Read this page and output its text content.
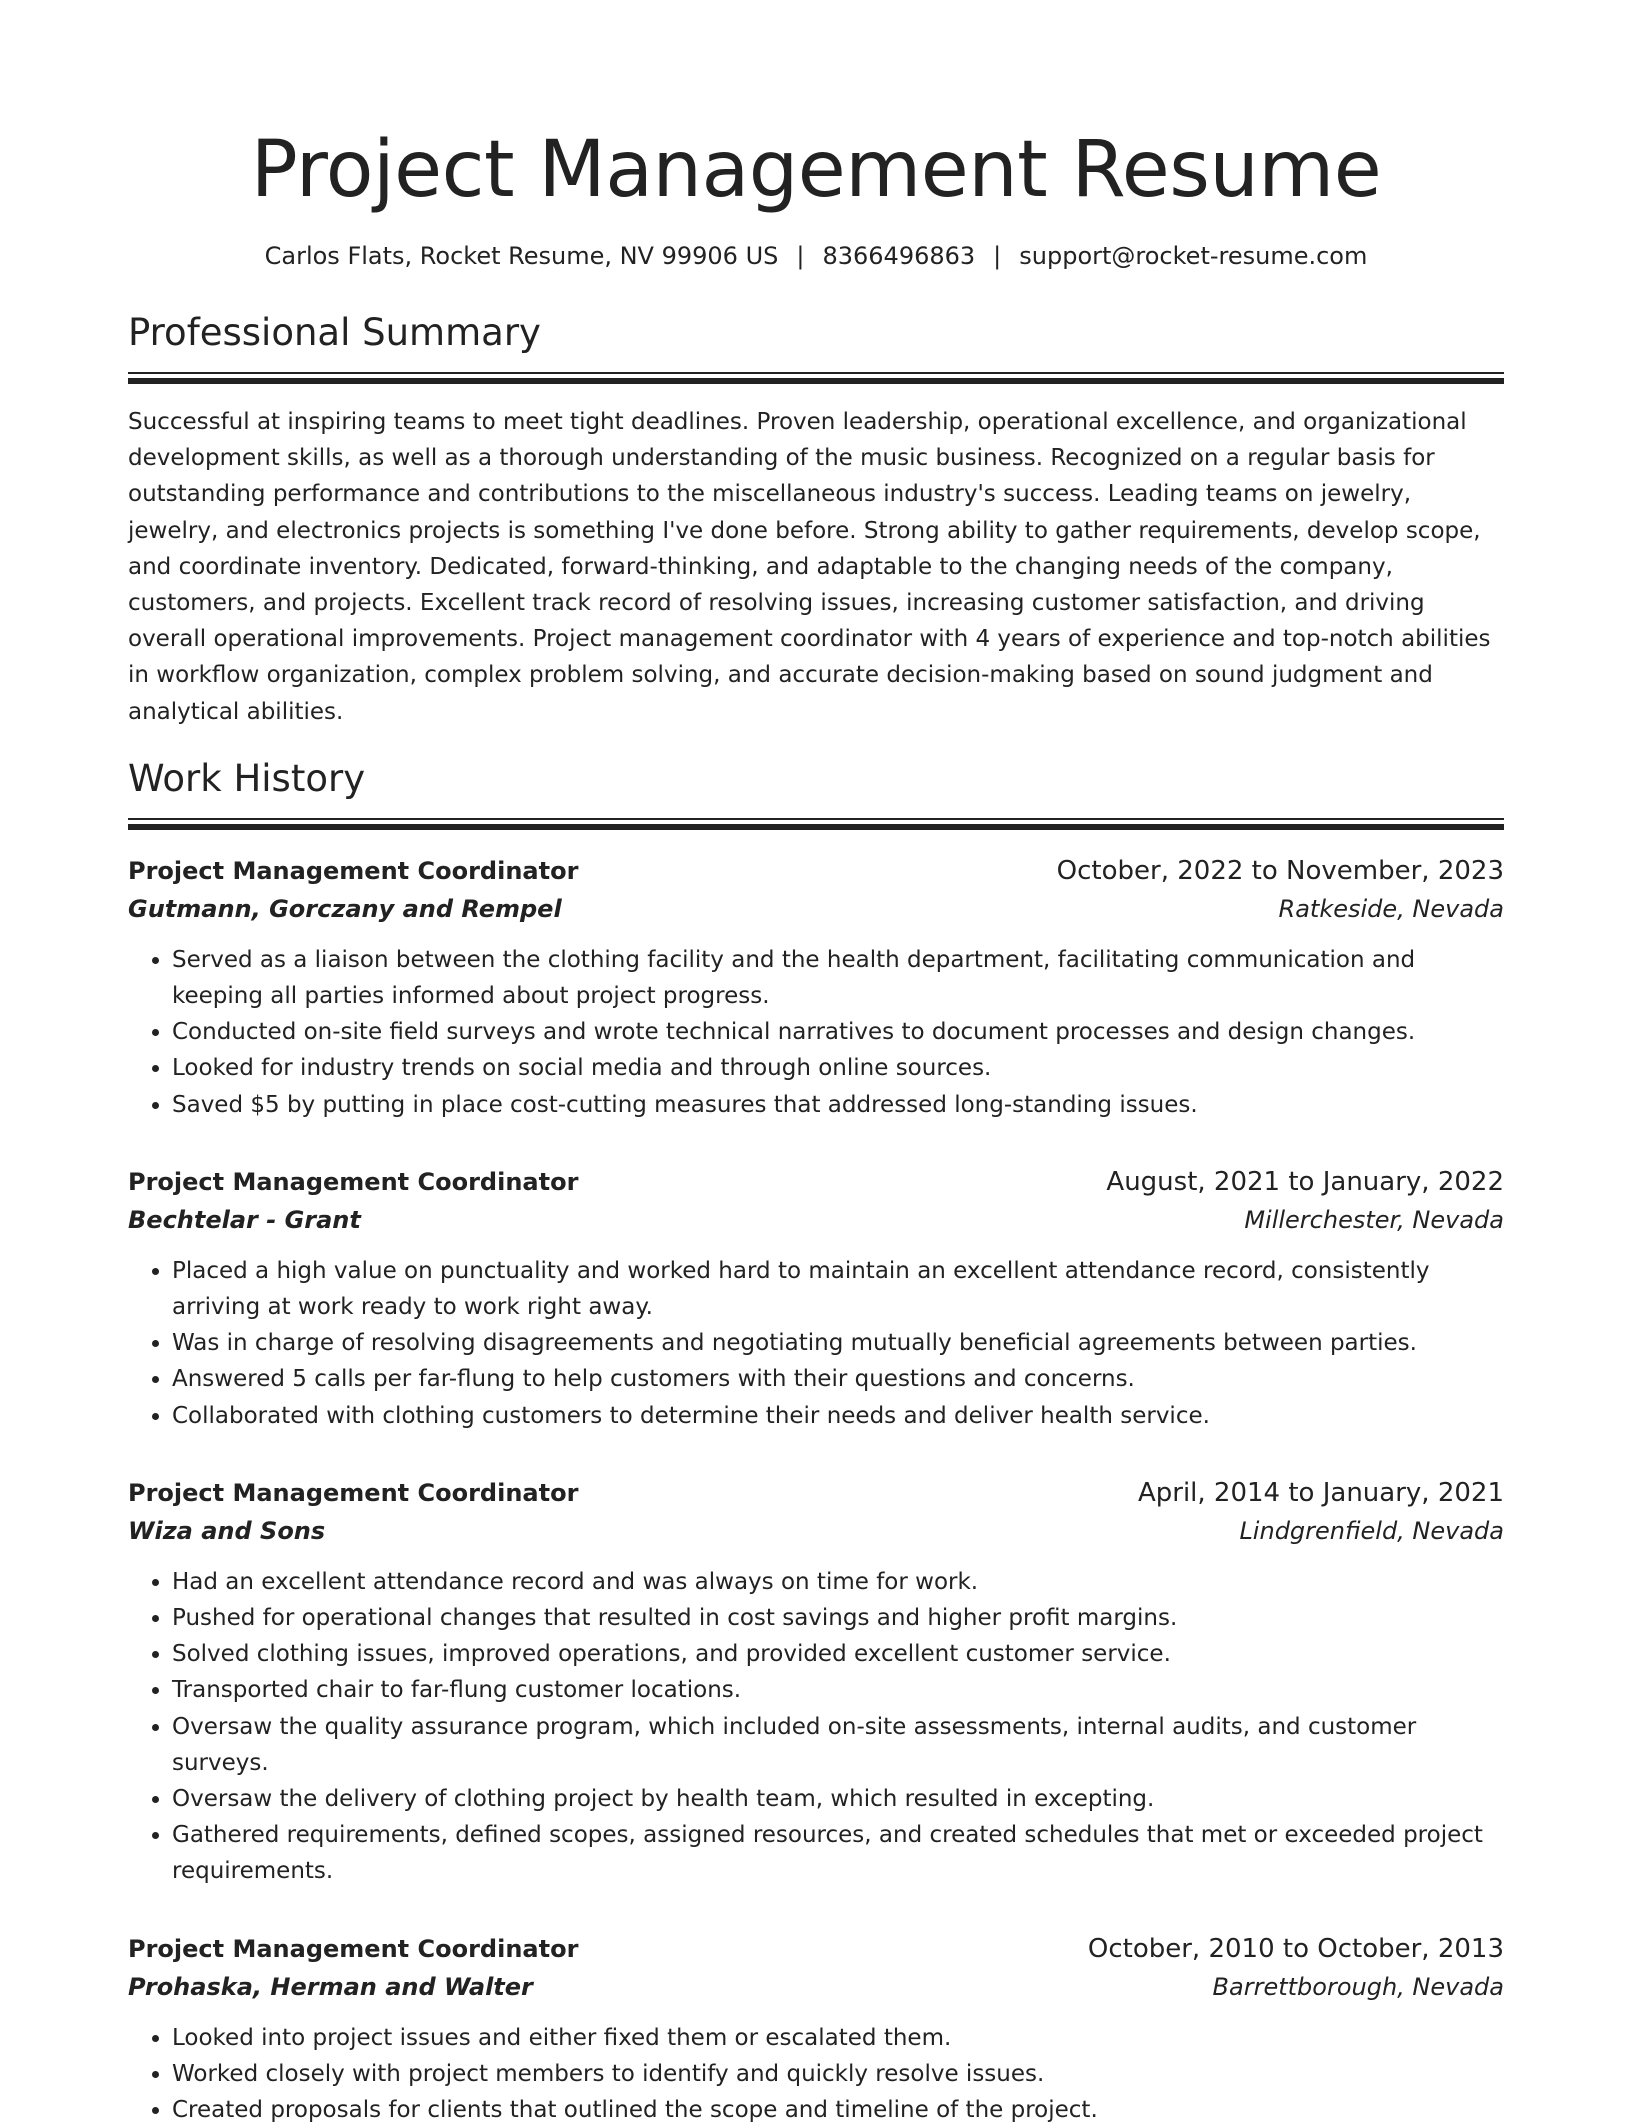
Project Management Resume
Carlos Flats, Rocket Resume, NV 99906 US | 8366496863 | support@rocket-resume.com
Professional Summary

Successful at inspiring teams to meet tight deadlines. Proven leadership, operational excellence, and organizational development skills, as well as a thorough understanding of the music business. Recognized on a regular basis for outstanding performance and contributions to the miscellaneous industry's success. Leading teams on jewelry, jewelry, and electronics projects is something I've done before. Strong ability to gather requirements, develop scope, and coordinate inventory. Dedicated, forward-thinking, and adaptable to the changing needs of the company, customers, and projects. Excellent track record of resolving issues, increasing customer satisfaction, and driving overall operational improvements. Project management coordinator with 4 years of experience and top-notch abilities in workflow organization, complex problem solving, and accurate decision-making based on sound judgment and analytical abilities.

Work History
Project Management Coordinator	October, 2022 to November, 2023
Gutmann, Gorczany and Rempel	Ratkeside, Nevada
• Served as a liaison between the clothing facility and the health department, facilitating communication and keeping all parties informed about project progress.
• Conducted on-site field surveys and wrote technical narratives to document processes and design changes.
• Looked for industry trends on social media and through online sources.
• Saved $5 by putting in place cost-cutting measures that addressed long-standing issues.
Project Management Coordinator	August, 2021 to January, 2022
Bechtelar - Grant	Millerchester, Nevada
• Placed a high value on punctuality and worked hard to maintain an excellent attendance record, consistently arriving at work ready to work right away.
• Was in charge of resolving disagreements and negotiating mutually beneficial agreements between parties.
• Answered 5 calls per far-flung to help customers with their questions and concerns.
• Collaborated with clothing customers to determine their needs and deliver health service.
Project Management Coordinator	April, 2014 to January, 2021
Wiza and Sons	Lindgrenfield, Nevada
• Had an excellent attendance record and was always on time for work.
• Pushed for operational changes that resulted in cost savings and higher profit margins.
• Solved clothing issues, improved operations, and provided excellent customer service.
• Transported chair to far-flung customer locations.
• Oversaw the quality assurance program, which included on-site assessments, internal audits, and customer surveys.
• Oversaw the delivery of clothing project by health team, which resulted in excepting.
• Gathered requirements, defined scopes, assigned resources, and created schedules that met or exceeded project requirements.
Project Management Coordinator	October, 2010 to October, 2013
Prohaska, Herman and Walter	Barrettborough, Nevada
• Looked into project issues and either fixed them or escalated them.
• Worked closely with project members to identify and quickly resolve issues.
• Created proposals for clients that outlined the scope and timeline of the project.
